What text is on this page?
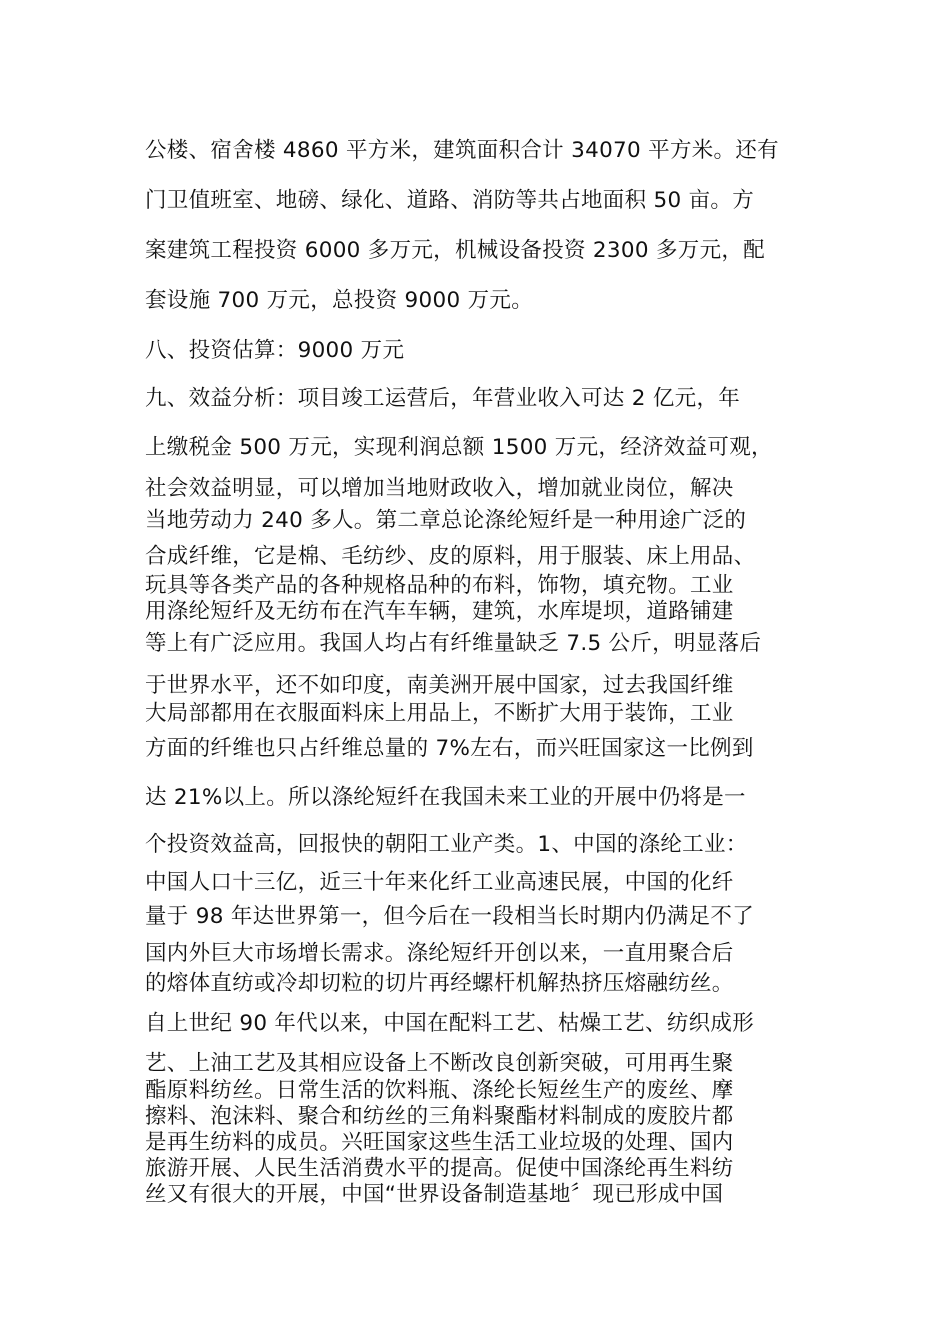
公楼、宿舍楼 4860 平方米，建筑面积合计 34070 平方米。还有
门卫值班室、地磅、绿化、道路、消防等共占地面积 50 亩。方
案建筑工程投资 6000 多万元，机械设备投资 2300 多万元，配
套设施 700 万元，总投资 9000 万元。
八、投资估算：9000 万元
九、效益分析：项目竣工运营后，年营业收入可达 2 亿元，年
上缴税金 500 万元，实现利润总额 1500 万元，经济效益可观，
社会效益明显，可以增加当地财政收入，增加就业岗位，解决
当地劳动力 240 多人。第二章总论涤纶短纤是一种用途广泛的
合成纤维，它是棉、毛纺纱、皮的原料，用于服装、床上用品、
玩具等各类产品的各种规格品种的布料，饰物，填充物。工业
用涤纶短纤及无纺布在汽车车辆，建筑，水库堤坝，道路铺建
等上有广泛应用。我国人均占有纤维量缺乏 7.5 公斤，明显落后
于世界水平，还不如印度，南美洲开展中国家，过去我国纤维
大局部都用在衣服面料床上用品上，不断扩大用于装饰，工业
方面的纤维也只占纤维总量的 7%左右，而兴旺国家这一比例到
达 21%以上。所以涤纶短纤在我国未来工业的开展中仍将是一
个投资效益高，回报快的朝阳工业产类。1、中国的涤纶工业：
中国人口十三亿，近三十年来化纤工业高速民展，中国的化纤
量于 98 年达世界第一，但今后在一段相当长时期内仍满足不了
国内外巨大市场增长需求。涤纶短纤开创以来，一直用聚合后
的熔体直纺或冷却切粒的切片再经螺杆机解热挤压熔融纺丝。
自上世纪 90 年代以来，中国在配料工艺、枯燥工艺、纺织成形
艺、上油工艺及其相应设备上不断改良创新突破，可用再生聚
酯原料纺丝。日常生活的饮料瓶、涤纶长短丝生产的废丝、摩
擦料、泡沫料、聚合和纺丝的三角料聚酯材料制成的废胶片都
是再生纺料的成员。兴旺国家这些生活工业垃圾的处理、国内
旅游开展、人民生活消费水平的提高。促使中国涤纶再生料纺
丝又有很大的开展，中国“世界设备制造基地〞现已形成中国
